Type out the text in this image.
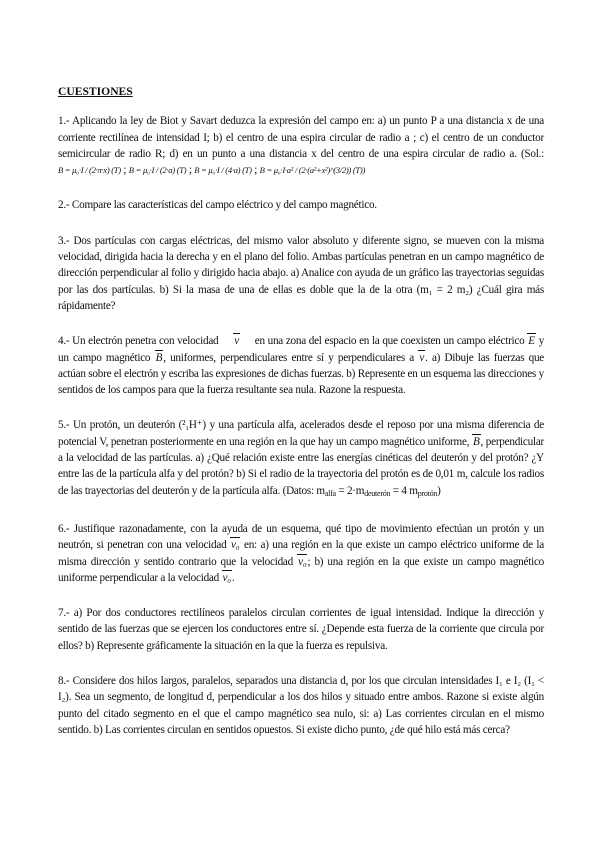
CUESTIONES
1.- Aplicando la ley de Biot y Savart deduzca la expresión del campo en: a) un punto P a una distancia x de una corriente rectilínea de intensidad I; b) el centro de una espira circular de radio a ; c) el centro de un conductor semicircular de radio R; d) en un punto a una distancia x del centro de una espira circular de radio a. (Sol.: B = μ₀·I / (2·π·x) (T) ; B = μ₀·I / (2·a) (T) ; B = μ₀·I / (4·a) (T) ; B = μ₀·I·a² / (2·(a²+x²)^(3/2)) (T))
2.- Compare las características del campo eléctrico y del campo magnético.
3.- Dos partículas con cargas eléctricas, del mismo valor absoluto y diferente signo, se mueven con la misma velocidad, dirigida hacia la derecha y en el plano del folio. Ambas partículas penetran en un campo magnético de dirección perpendicular al folio y dirigido hacia abajo. a) Analice con ayuda de un gráfico las trayectorias seguidas por las dos partículas. b) Si la masa de una de ellas es doble que la de la otra (m₁ = 2 m₂) ¿Cuál gira más rápidamente?
4.- Un electrón penetra con velocidad v en una zona del espacio en la que coexisten un campo eléctrico E y un campo magnético B, uniformes, perpendiculares entre sí y perpendiculares a v. a) Dibuje las fuerzas que actúan sobre el electrón y escriba las expresiones de dichas fuerzas. b) Represente en un esquema las direcciones y sentidos de los campos para que la fuerza resultante sea nula. Razone la respuesta.
5.- Un protón, un deuterón (²₁H⁺) y una partícula alfa, acelerados desde el reposo por una misma diferencia de potencial V, penetran posteriormente en una región en la que hay un campo magnético uniforme, B, perpendicular a la velocidad de las partículas. a) ¿Qué relación existe entre las energías cinéticas del deuterón y del protón? ¿Y entre las de la partícula alfa y del protón? b) Si el radio de la trayectoria del protón es de 0,01 m, calcule los radios de las trayectorias del deuterón y de la partícula alfa. (Datos: $m_{alfa} = 2\cdot m_{deuterón} = 4$ $m_{protón}$)
6.- Justifique razonadamente, con la ayuda de un esquema, qué tipo de movimiento efectúan un protón y un neutrón, si penetran con una velocidad v₀ en: a) una región en la que existe un campo eléctrico uniforme de la misma dirección y sentido contrario que la velocidad v₀; b) una región en la que existe un campo magnético uniforme perpendicular a la velocidad v₀.
7.- a) Por dos conductores rectilíneos paralelos circulan corrientes de igual intensidad. Indique la dirección y sentido de las fuerzas que se ejercen los conductores entre sí. ¿Depende esta fuerza de la corriente que circula por ellos? b) Represente gráficamente la situación en la que la fuerza es repulsiva.
8.- Considere dos hilos largos, paralelos, separados una distancia d, por los que circulan intensidades I₁ e I₂ (I₁ < I₂). Sea un segmento, de longitud d, perpendicular a los dos hilos y situado entre ambos. Razone si existe algún punto del citado segmento en el que el campo magnético sea nulo, si: a) Las corrientes circulan en el mismo sentido. b) Las corrientes circulan en sentidos opuestos. Si existe dicho punto, ¿de qué hilo está más cerca?
